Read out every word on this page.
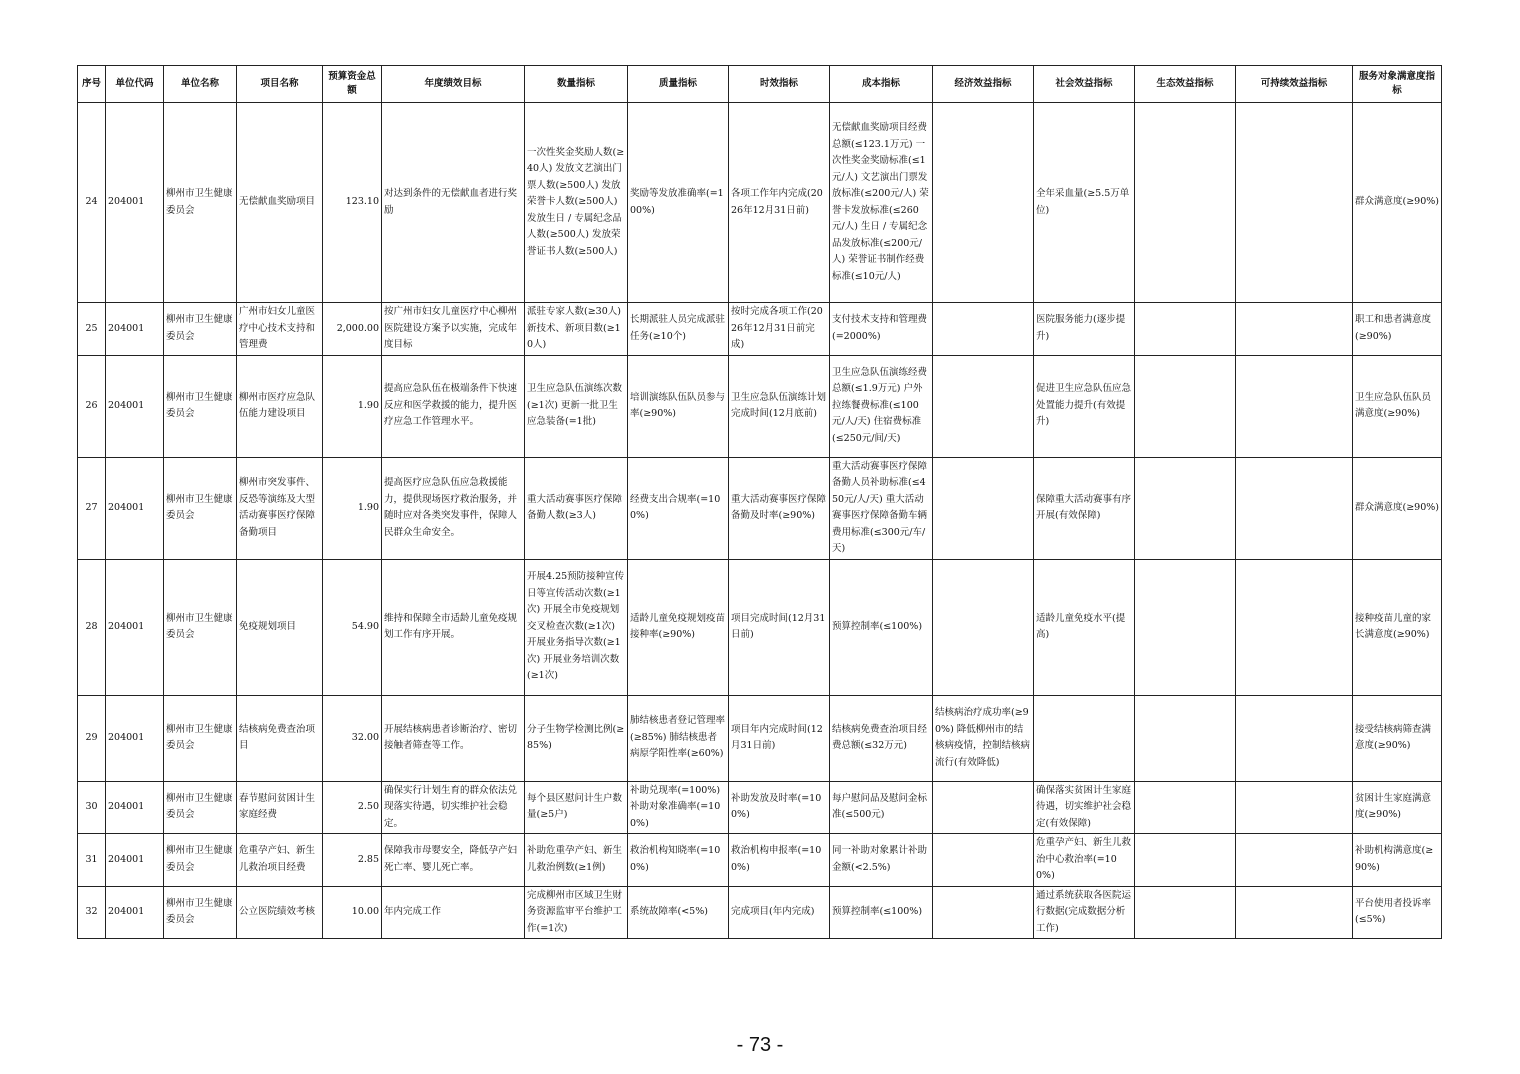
序号	单位代码	单位名称	项目名称	预算资金总额	年度绩效目标	数量指标	质量指标	时效指标	成本指标	经济效益指标	社会效益指标	生态效益指标	可持续效益指标	服务对象满意度指标
24	204001	柳州市卫生健康委员会	无偿献血奖励项目	123.10	对达到条件的无偿献血者进行奖励	一次性奖金奖励人数(≥40人) 发放文艺演出门票人数(≥500人) 发放荣誉卡人数(≥500人) 发放生日 / 专属纪念品人数(≥500人) 发放荣誉证书人数(≥500人)	奖励等发放准确率(=100%)	各项工作年内完成(2026年12月31日前)	无偿献血奖励项目经费总额(≤123.1万元) 一次性奖金奖励标准(≤1元/人) 文艺演出门票发放标准(≤200元/人) 荣誉卡发放标准(≤260元/人) 生日 / 专属纪念品发放标准(≤200元/人) 荣誉证书制作经费标准(≤10元/人)		全年采血量(≥5.5万单位)			群众满意度(≥90%)
25	204001	柳州市卫生健康委员会	广州市妇女儿童医疗中心技术支持和管理费	2,000.00	按广州市妇女儿童医疗中心柳州医院建设方案予以实施，完成年度目标	派驻专家人数(≥30人) 新技术、新项目数(≥10人)	长期派驻人员完成派驻任务(≥10个)	按时完成各项工作(2026年12月31日前完成)	支付技术支持和管理费(=2000%)		医院服务能力(逐步提升)			职工和患者满意度(≥90%)
26	204001	柳州市卫生健康委员会	柳州市医疗应急队伍能力建设项目	1.90	提高应急队伍在极端条件下快速反应和医学救援的能力，提升医疗应急工作管理水平。	卫生应急队伍演练次数(≥1次) 更新一批卫生应急装备(=1批)	培训演练队伍队员参与率(≥90%)	卫生应急队伍演练计划完成时间(12月底前)	卫生应急队伍演练经费总额(≤1.9万元) 户外拉练餐费标准(≤100元/人/天) 住宿费标准(≤250元/间/天)		促进卫生应急队伍应急处置能力提升(有效提升)			卫生应急队伍队员满意度(≥90%)
27	204001	柳州市卫生健康委员会	柳州市突发事件、反恐等演练及大型活动赛事医疗保障备勤项目	1.90	提高医疗应急队伍应急救援能力，提供现场医疗救治服务，并随时应对各类突发事件，保障人民群众生命安全。	重大活动赛事医疗保障备勤人数(≥3人)	经费支出合规率(=100%)	重大活动赛事医疗保障备勤及时率(≥90%)	重大活动赛事医疗保障备勤人员补助标准(≤450元/人/天) 重大活动赛事医疗保障备勤车辆费用标准(≤300元/车/天)		保障重大活动赛事有序开展(有效保障)			群众满意度(≥90%)
28	204001	柳州市卫生健康委员会	免疫规划项目	54.90	维持和保障全市适龄儿童免疫规划工作有序开展。	开展4.25预防接种宣传日等宣传活动次数(≥1次) 开展全市免疫规划交叉检查次数(≥1次) 开展业务指导次数(≥1次) 开展业务培训次数(≥1次)	适龄儿童免疫规划疫苗接种率(≥90%)	项目完成时间(12月31日前)	预算控制率(≤100%)		适龄儿童免疫水平(提高)			接种疫苗儿童的家长满意度(≥90%)
29	204001	柳州市卫生健康委员会	结核病免费查治项目	32.00	开展结核病患者诊断治疗、密切接触者筛查等工作。	分子生物学检测比例(≥85%)	肺结核患者登记管理率(≥85%) 肺结核患者病原学阳性率(≥60%)	项目年内完成时间(12月31日前)	结核病免费查治项目经费总额(≤32万元)	结核病治疗成功率(≥90%) 降低柳州市的结核病疫情，控制结核病流行(有效降低)				接受结核病筛查满意度(≥90%)
30	204001	柳州市卫生健康委员会	春节慰问贫困计生家庭经费	2.50	确保实行计划生育的群众依法兑现落实待遇，切实维护社会稳定。	每个县区慰问计生户数量(≥5户)	补助兑现率(=100%) 补助对象准确率(=100%)	补助发放及时率(=100%)	每户慰问品及慰问金标准(≤500元)		确保落实贫困计生家庭待遇，切实维护社会稳定(有效保障)			贫困计生家庭满意度(≥90%)
31	204001	柳州市卫生健康委员会	危重孕产妇、新生儿救治项目经费	2.85	保障我市母婴安全，降低孕产妇死亡率、婴儿死亡率。	补助危重孕产妇、新生儿救治例数(≥1例)	救治机构知晓率(=100%)	救治机构申报率(=100%)	同一补助对象累计补助金额(<2.5%)		危重孕产妇、新生儿救治中心救治率(=100%)			补助机构满意度(≥90%)
32	204001	柳州市卫生健康委员会	公立医院绩效考核	10.00	年内完成工作	完成柳州市区域卫生财务资源监审平台维护工作(=1次)	系统故障率(<5%)	完成项目(年内完成)	预算控制率(≤100%)		通过系统获取各医院运行数据(完成数据分析工作)			平台使用者投诉率(≤5%)
- 73 -
